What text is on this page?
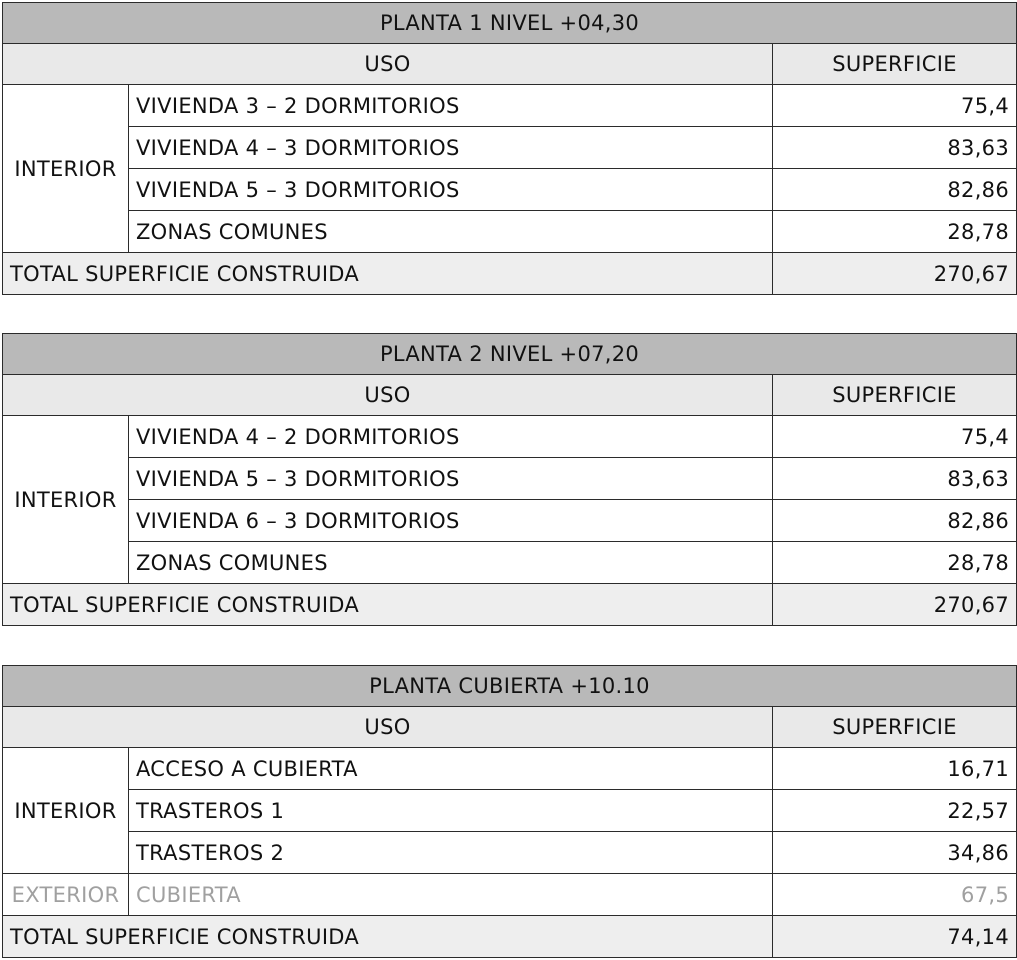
PLANTA 1 NIVEL +04,30		
USO		SUPERFICIE
INTERIOR	VIVIENDA 3 – 2 DORMITORIOS	75,4
	VIVIENDA 4 – 3 DORMITORIOS	83,63
	VIVIENDA 5 – 3 DORMITORIOS	82,86
	ZONAS COMUNES	28,78
TOTAL SUPERFICIE CONSTRUIDA		270,67
PLANTA 2 NIVEL +07,20		
USO		SUPERFICIE
INTERIOR	VIVIENDA 4 – 2 DORMITORIOS	75,4
	VIVIENDA 5 – 3 DORMITORIOS	83,63
	VIVIENDA 6 – 3 DORMITORIOS	82,86
	ZONAS COMUNES	28,78
TOTAL SUPERFICIE CONSTRUIDA		270,67
PLANTA CUBIERTA +10.10		
USO		SUPERFICIE
INTERIOR	ACCESO A CUBIERTA	16,71
	TRASTEROS 1	22,57
	TRASTEROS 2	34,86
EXTERIOR	CUBIERTA	67,5
TOTAL SUPERFICIE CONSTRUIDA		74,14
